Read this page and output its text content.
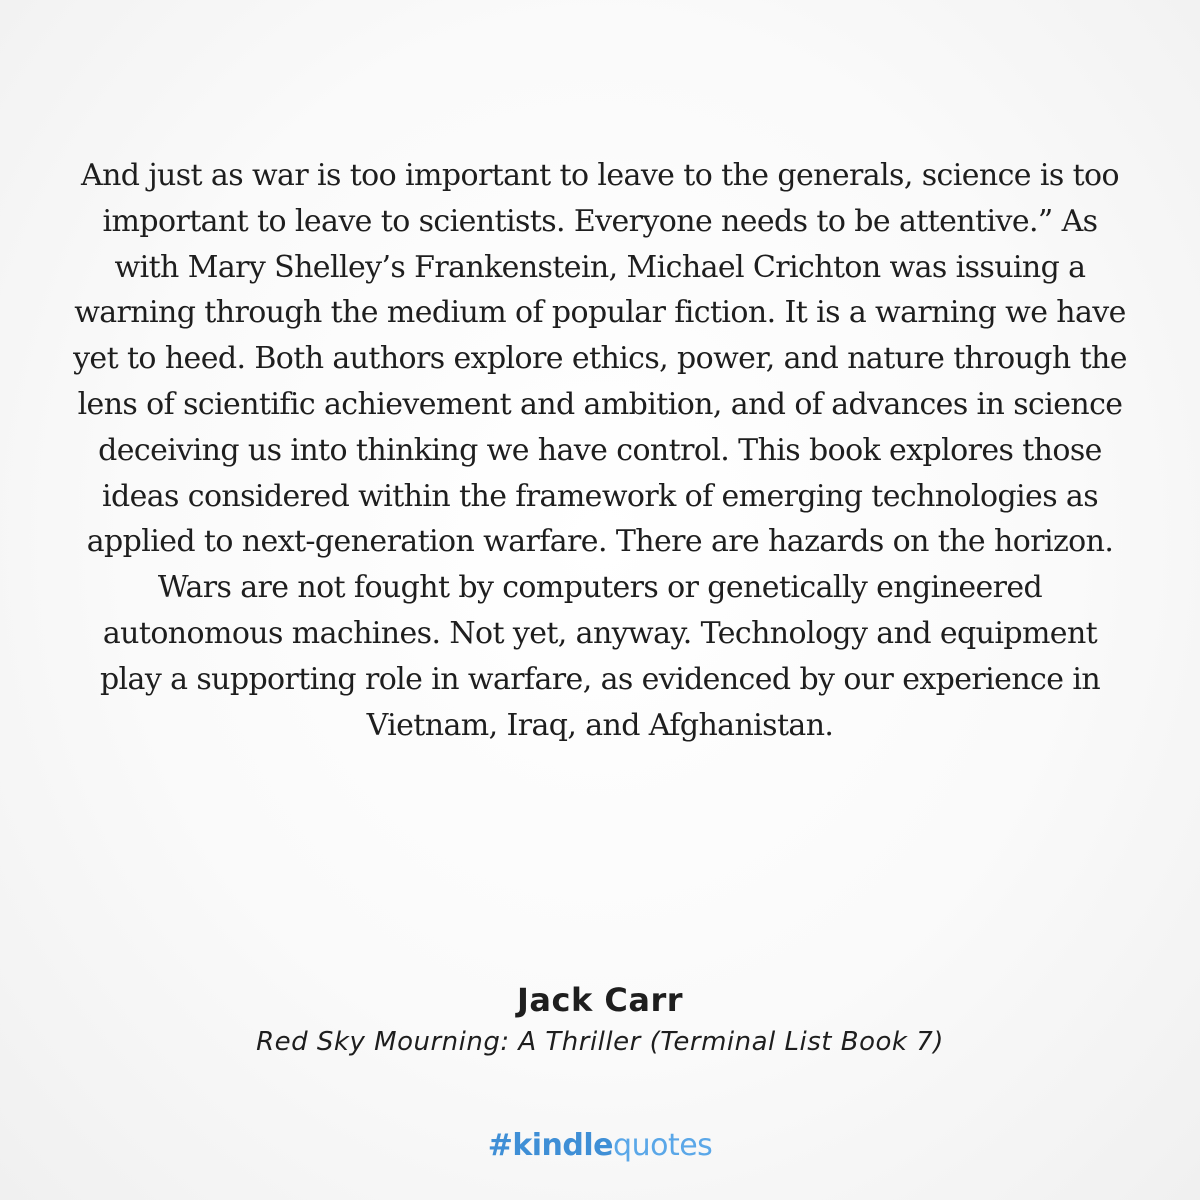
And just as war is too important to leave to the generals, science is too important to leave to scientists. Everyone needs to be attentive.” As with Mary Shelley’s Frankenstein, Michael Crichton was issuing a warning through the medium of popular fiction. It is a warning we have yet to heed. Both authors explore ethics, power, and nature through the lens of scientific achievement and ambition, and of advances in science deceiving us into thinking we have control. This book explores those ideas considered within the framework of emerging technologies as applied to next-generation warfare. There are hazards on the horizon. Wars are not fought by computers or genetically engineered autonomous machines. Not yet, anyway. Technology and equipment play a supporting role in warfare, as evidenced by our experience in Vietnam, Iraq, and Afghanistan.

Jack Carr
Red Sky Mourning: A Thriller (Terminal List Book 7)
#kindlequotes
